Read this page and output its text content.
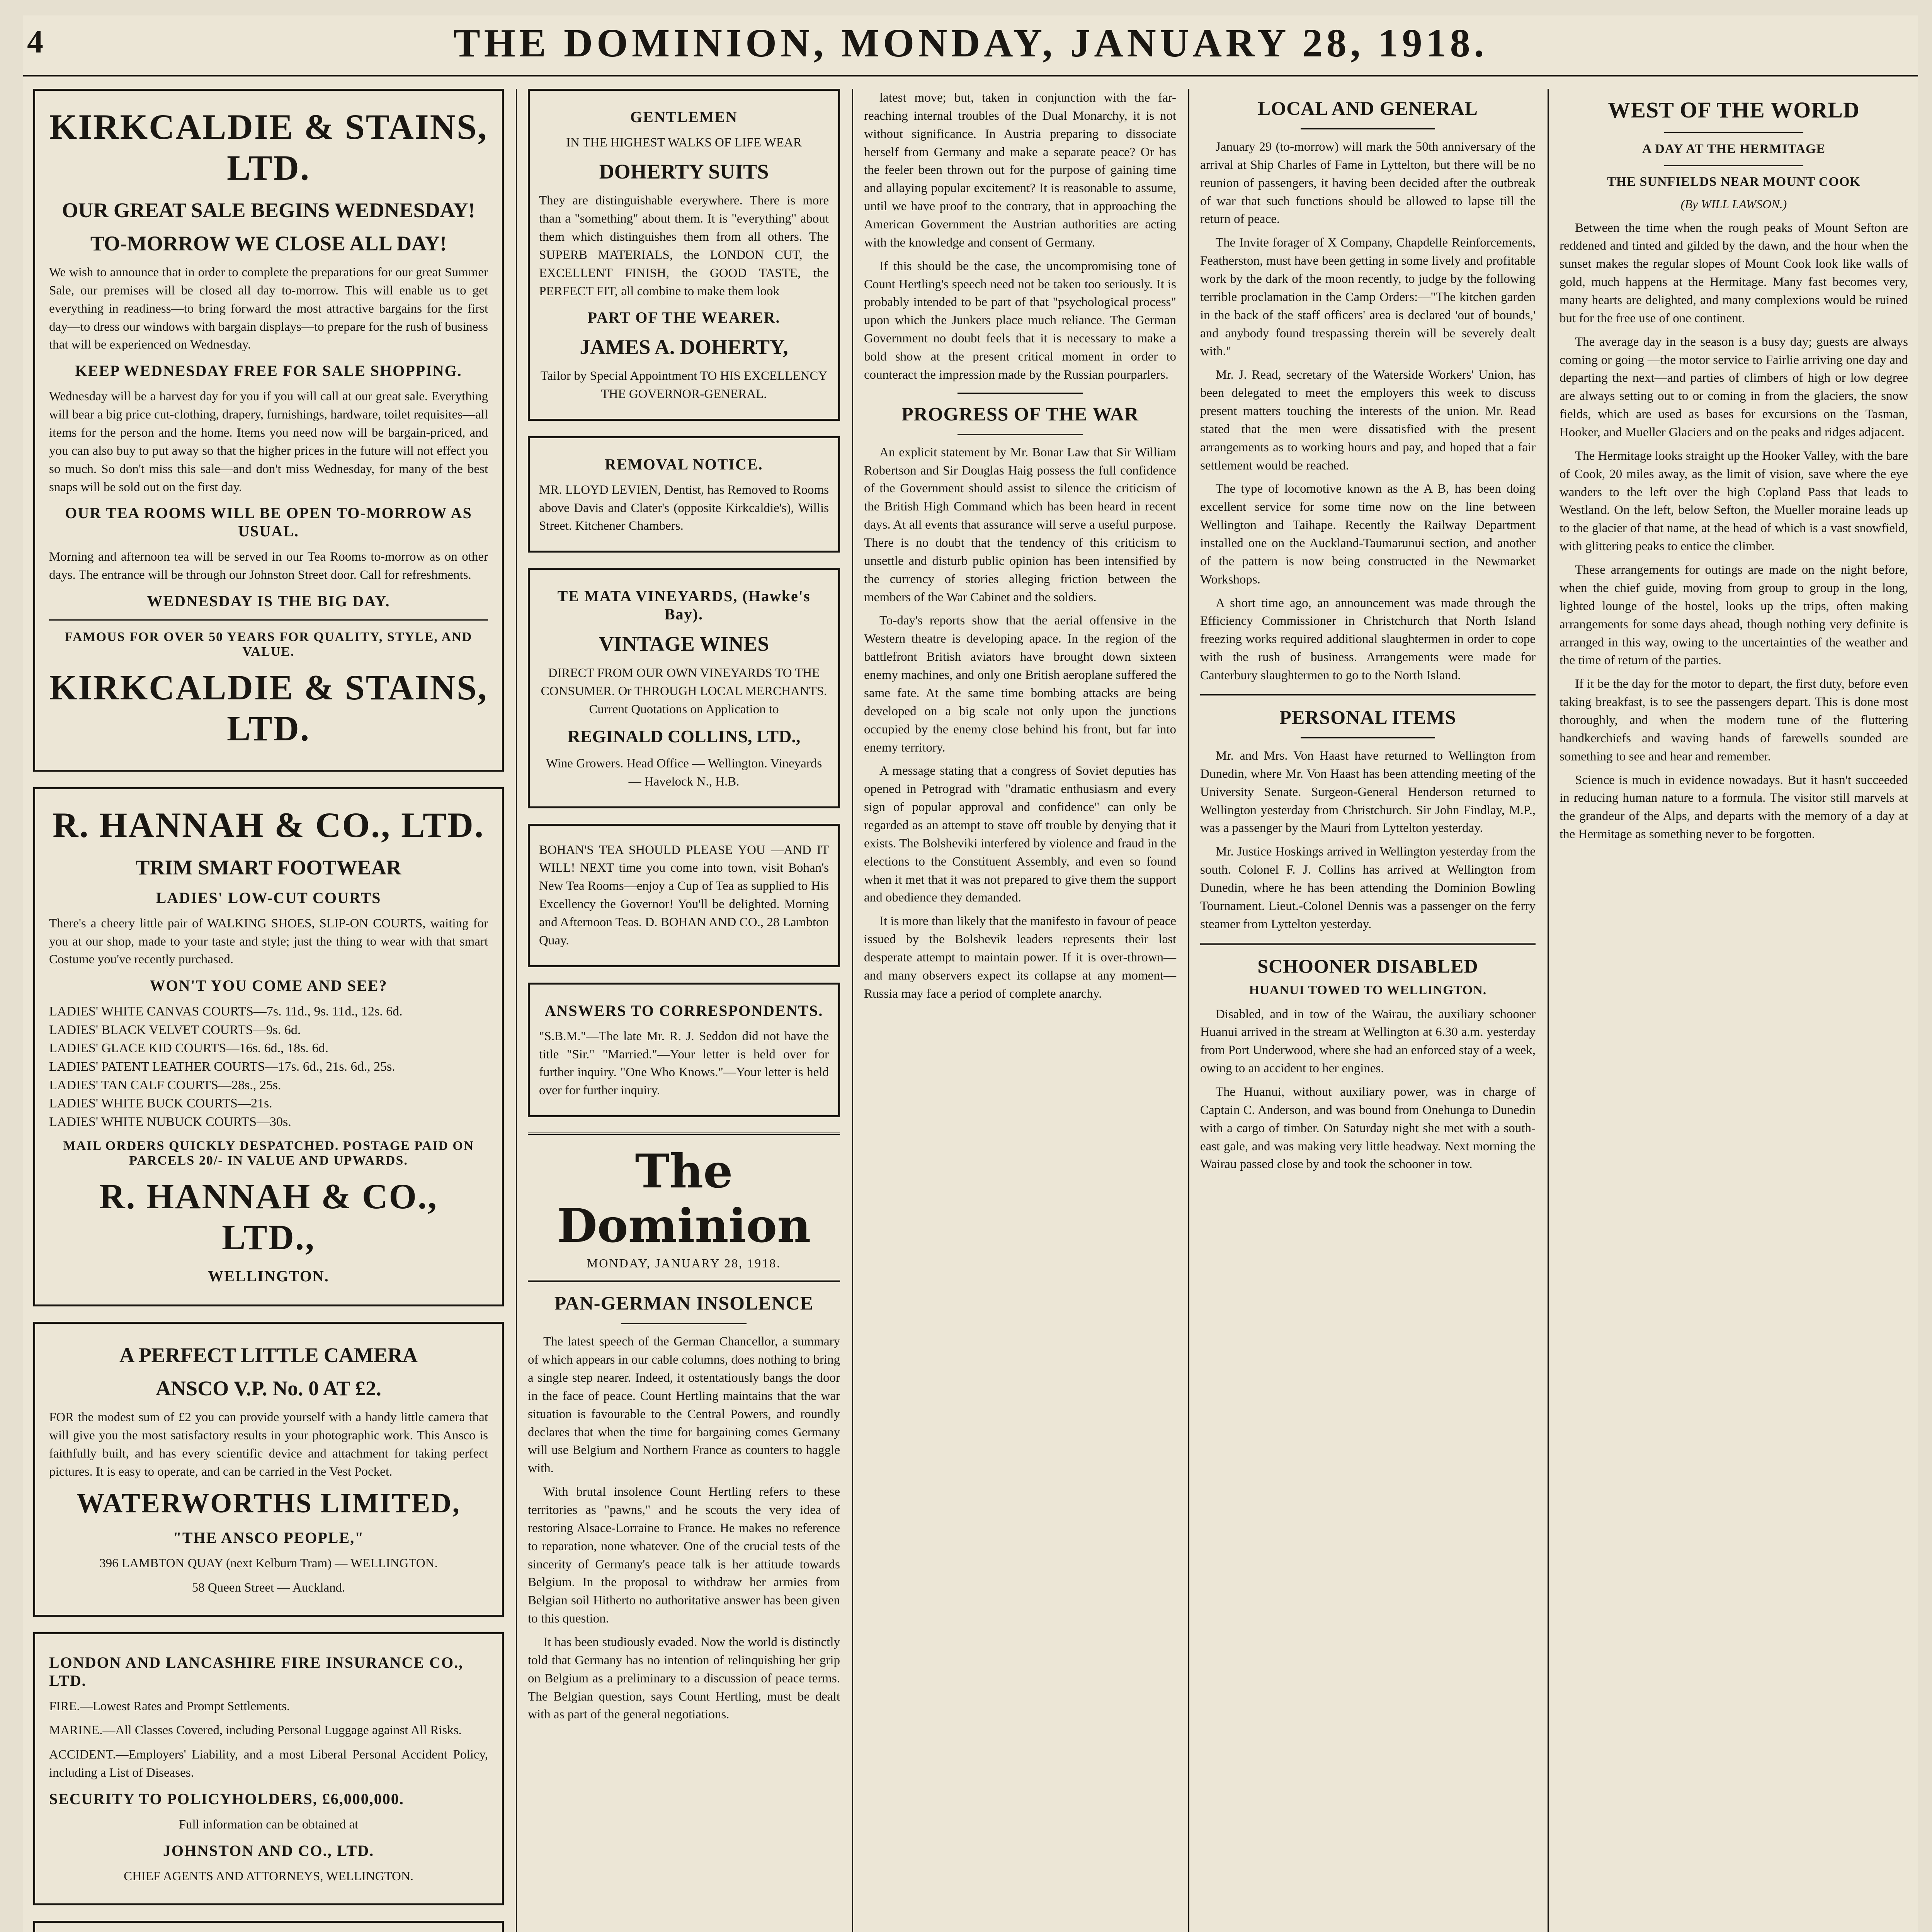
4	THE DOMINION, MONDAY, JANUARY 28, 1918.
KIRKCALDIE & STAINS, LTD.
OUR GREAT SALE BEGINS WEDNESDAY!
TO-MORROW WE CLOSE ALL DAY!
We wish to announce that in order to complete the preparations for our great Summer Sale, our premises will be closed all day to-morrow. This will enable us to get everything in readiness—to bring forward the most attractive bargains for the first day—to dress our windows with bargain displays—to prepare for the rush of business that will be experienced on Wednesday.
KEEP WEDNESDAY FREE FOR SALE SHOPPING.
Wednesday will be a harvest day for you if you will call at our great sale. Everything will bear a big price cut-clothing, drapery, furnishings, hardware, toilet requisites—all items for the person and the home. Items you need now will be bargain-priced, and you can also buy to put away so that the higher prices in the future will not effect you so much. So don't miss this sale—and don't miss Wednesday, for many of the best snaps will be sold out on the first day.
OUR TEA ROOMS WILL BE OPEN TO-MORROW AS USUAL.
Morning and afternoon tea will be served in our Tea Rooms to-morrow as on other days. The entrance will be through our Johnston Street door. Call for refreshments.
WEDNESDAY IS THE BIG DAY.
FAMOUS FOR OVER 50 YEARS FOR QUALITY, STYLE, AND VALUE.
KIRKCALDIE & STAINS, LTD.
R. HANNAH & CO., LTD.
TRIM SMART FOOTWEAR
LADIES' LOW-CUT COURTS
There's a cheery little pair of WALKING SHOES, SLIP-ON COURTS, waiting for you at our shop, made to your taste and style; just the thing to wear with that smart Costume you've recently purchased.
WON'T YOU COME AND SEE?
LADIES' WHITE CANVAS COURTS—7s. 11d., 9s. 11d., 12s. 6d.
LADIES' BLACK VELVET COURTS—9s. 6d.
LADIES' GLACE KID COURTS—16s. 6d., 18s. 6d.
LADIES' PATENT LEATHER COURTS—17s. 6d., 21s. 6d., 25s.
LADIES' TAN CALF COURTS—28s., 25s.
LADIES' WHITE BUCK COURTS—21s.
LADIES' WHITE NUBUCK COURTS—30s.
MAIL ORDERS QUICKLY DESPATCHED. POSTAGE PAID ON PARCELS 20/- IN VALUE AND UPWARDS.
R. HANNAH & CO., LTD.,
WELLINGTON.
A PERFECT LITTLE CAMERA
ANSCO V.P. No. 0 AT £2.
FOR the modest sum of £2 you can provide yourself with a handy little camera that will give you the most satisfactory results in your photographic work. This Ansco is faithfully built, and has every scientific device and attachment for taking perfect pictures. It is easy to operate, and can be carried in the Vest Pocket.
WATERWORTHS LIMITED,
"THE ANSCO PEOPLE,"
396 LAMBTON QUAY (next Kelburn Tram) — WELLINGTON.
58 Queen Street — Auckland.
LONDON AND LANCASHIRE FIRE INSURANCE CO., LTD.
FIRE.—Lowest Rates and Prompt Settlements.
MARINE.—All Classes Covered, including Personal Luggage against All Risks.
ACCIDENT.—Employers' Liability, and a most Liberal Personal Accident Policy, including a List of Diseases.
SECURITY TO POLICYHOLDERS, £6,000,000.
Full information can be obtained at
JOHNSTON AND CO., LTD.
CHIEF AGENTS AND ATTORNEYS, WELLINGTON.
GENTLEMEN
IN THE HIGHEST WALKS OF LIFE WEAR
DOHERTY SUITS
They are distinguishable everywhere. There is more than a "something" about them. It is "everything" about them which distinguishes them from all others. The SUPERB MATERIALS, the LONDON CUT, the EXCELLENT FINISH, the GOOD TASTE, the PERFECT FIT, all combine to make them look
PART OF THE WEARER.
JAMES A. DOHERTY,
Tailor by Special Appointment TO HIS EXCELLENCY THE GOVERNOR-GENERAL.
REMOVAL NOTICE.
MR. LLOYD LEVIEN, Dentist, has Removed to Rooms above Davis and Clater's (opposite Kirkcaldie's), Willis Street. Kitchener Chambers.
TE MATA VINEYARDS, (Hawke's Bay).
VINTAGE WINES
DIRECT FROM OUR OWN VINEYARDS TO THE CONSUMER. Or THROUGH LOCAL MERCHANTS. Current Quotations on Application to
REGINALD COLLINS, LTD.,
Wine Growers. Head Office — Wellington. Vineyards — Havelock N., H.B.
BOHAN'S TEA SHOULD PLEASE YOU —AND IT WILL! NEXT time you come into town, visit Bohan's New Tea Rooms—enjoy a Cup of Tea as supplied to His Excellency the Governor! You'll be delighted. Morning and Afternoon Teas. D. BOHAN AND CO., 28 Lambton Quay.
ANSWERS TO CORRESPONDENTS.
"S.B.M."—The late Mr. R. J. Seddon did not have the title "Sir." "Married."—Your letter is held over for further inquiry. "One Who Knows."—Your letter is held over for further inquiry.
The Dominion
MONDAY, JANUARY 28, 1918.
PAN-GERMAN INSOLENCE

The latest speech of the German Chancellor, a summary of which appears in our cable columns, does nothing to bring a single step nearer. Indeed, it ostentatiously bangs the door in the face of peace. Count Hertling maintains that the war situation is favourable to the Central Powers, and roundly declares that when the time for bargaining comes Germany will use Belgium and Northern France as counters to haggle with.

With brutal insolence Count Hertling refers to these territories as "pawns," and he scouts the very idea of restoring Alsace-Lorraine to France. He makes no reference to reparation, none whatever. One of the crucial tests of the sincerity of Germany's peace talk is her attitude towards Belgium. In the proposal to withdraw her armies from Belgian soil Hitherto no authoritative answer has been given to this question.

It has been studiously evaded. Now the world is distinctly told that Germany has no intention of relinquishing her grip on Belgium as a preliminary to a discussion of peace terms. The Belgian question, says Count Hertling, must be dealt with as part of the general negotiations.

latest move; but, taken in conjunction with the far-reaching internal troubles of the Dual Monarchy, it is not without significance. In Austria preparing to dissociate herself from Germany and make a separate peace? Or has the feeler been thrown out for the purpose of gaining time and allaying popular excitement? It is reasonable to assume, until we have proof to the contrary, that in approaching the American Government the Austrian authorities are acting with the knowledge and consent of Germany.

If this should be the case, the uncompromising tone of Count Hertling's speech need not be taken too seriously. It is probably intended to be part of that "psychological process" upon which the Junkers place much reliance. The German Government no doubt feels that it is necessary to make a bold show at the present critical moment in order to counteract the impression made by the Russian pourparlers.

PROGRESS OF THE WAR

An explicit statement by Mr. Bonar Law that Sir William Robertson and Sir Douglas Haig possess the full confidence of the Government should assist to silence the criticism of the British High Command which has been heard in recent days. At all events that assurance will serve a useful purpose. There is no doubt that the tendency of this criticism to unsettle and disturb public opinion has been intensified by the currency of stories alleging friction between the members of the War Cabinet and the soldiers.

To-day's reports show that the aerial offensive in the Western theatre is developing apace. In the region of the battlefront British aviators have brought down sixteen enemy machines, and only one British aeroplane suffered the same fate. At the same time bombing attacks are being developed on a big scale not only upon the junctions occupied by the enemy close behind his front, but far into enemy territory.

A message stating that a congress of Soviet deputies has opened in Petrograd with "dramatic enthusiasm and every sign of popular approval and confidence" can only be regarded as an attempt to stave off trouble by denying that it exists. The Bolsheviki interfered by violence and fraud in the elections to the Constituent Assembly, and even so found when it met that it was not prepared to give them the support and obedience they demanded.

It is more than likely that the manifesto in favour of peace issued by the Bolshevik leaders represents their last desperate attempt to maintain power. If it is over-thrown—and many observers expect its collapse at any moment—Russia may face a period of complete anarchy.

LOCAL AND GENERAL

January 29 (to-morrow) will mark the 50th anniversary of the arrival at Ship Charles of Fame in Lyttelton, but there will be no reunion of passengers, it having been decided after the outbreak of war that such functions should be allowed to lapse till the return of peace.

The Invite forager of X Company, Chapdelle Reinforcements, Featherston, must have been getting in some lively and profitable work by the dark of the moon recently, to judge by the following terrible proclamation in the Camp Orders:—"The kitchen garden in the back of the staff officers' area is declared 'out of bounds,' and anybody found trespassing therein will be severely dealt with."

Mr. J. Read, secretary of the Waterside Workers' Union, has been delegated to meet the employers this week to discuss present matters touching the interests of the union. Mr. Read stated that the men were dissatisfied with the present arrangements as to working hours and pay, and hoped that a fair settlement would be reached.

The type of locomotive known as the A B, has been doing excellent service for some time now on the line between Wellington and Taihape. Recently the Railway Department installed one on the Auckland-Taumarunui section, and another of the pattern is now being constructed in the Newmarket Workshops.

A short time ago, an announcement was made through the Efficiency Commissioner in Christchurch that North Island freezing works required additional slaughtermen in order to cope with the rush of business. Arrangements were made for Canterbury slaughtermen to go to the North Island.

PERSONAL ITEMS

Mr. and Mrs. Von Haast have returned to Wellington from Dunedin, where Mr. Von Haast has been attending meeting of the University Senate. Surgeon-General Henderson returned to Wellington yesterday from Christchurch. Sir John Findlay, M.P., was a passenger by the Mauri from Lyttelton yesterday.

Mr. Justice Hoskings arrived in Wellington yesterday from the south. Colonel F. J. Collins has arrived at Wellington from Dunedin, where he has been attending the Dominion Bowling Tournament. Lieut.-Colonel Dennis was a passenger on the ferry steamer from Lyttelton yesterday.

SCHOONER DISABLED
HUANUI TOWED TO WELLINGTON.

Disabled, and in tow of the Wairau, the auxiliary schooner Huanui arrived in the stream at Wellington at 6.30 a.m. yesterday from Port Underwood, where she had an enforced stay of a week, owing to an accident to her engines.

The Huanui, without auxiliary power, was in charge of Captain C. Anderson, and was bound from Onehunga to Dunedin with a cargo of timber. On Saturday night she met with a south-east gale, and was making very little headway. Next morning the Wairau passed close by and took the schooner in tow.

WEST OF THE WORLD
A DAY AT THE HERMITAGE
THE SUNFIELDS NEAR MOUNT COOK
(By WILL LAWSON.)

Between the time when the rough peaks of Mount Sefton are reddened and tinted and gilded by the dawn, and the hour when the sunset makes the regular slopes of Mount Cook look like walls of gold, much happens at the Hermitage. Many fast becomes very, many hearts are delighted, and many complexions would be ruined but for the free use of one continent.

The average day in the season is a busy day; guests are always coming or going —the motor service to Fairlie arriving one day and departing the next—and parties of climbers of high or low degree are always setting out to or coming in from the glaciers, the snow fields, which are used as bases for excursions on the Tasman, Hooker, and Mueller Glaciers and on the peaks and ridges adjacent.

The Hermitage looks straight up the Hooker Valley, with the bare of Cook, 20 miles away, as the limit of vision, save where the eye wanders to the left over the high Copland Pass that leads to Westland. On the left, below Sefton, the Mueller moraine leads up to the glacier of that name, at the head of which is a vast snowfield, with glittering peaks to entice the climber.

These arrangements for outings are made on the night before, when the chief guide, moving from group to group in the long, lighted lounge of the hostel, looks up the trips, often making arrangements for some days ahead, though nothing very definite is arranged in this way, owing to the uncertainties of the weather and the time of return of the parties.

If it be the day for the motor to depart, the first duty, before even taking breakfast, is to see the passengers depart. This is done most thoroughly, and when the modern tune of the fluttering handkerchiefs and waving hands of farewells sounded are something to see and hear and remember.

Science is much in evidence nowadays. But it hasn't succeeded in reducing human nature to a formula. The visitor still marvels at the grandeur of the Alps, and departs with the memory of a day at the Hermitage as something never to be forgotten.
